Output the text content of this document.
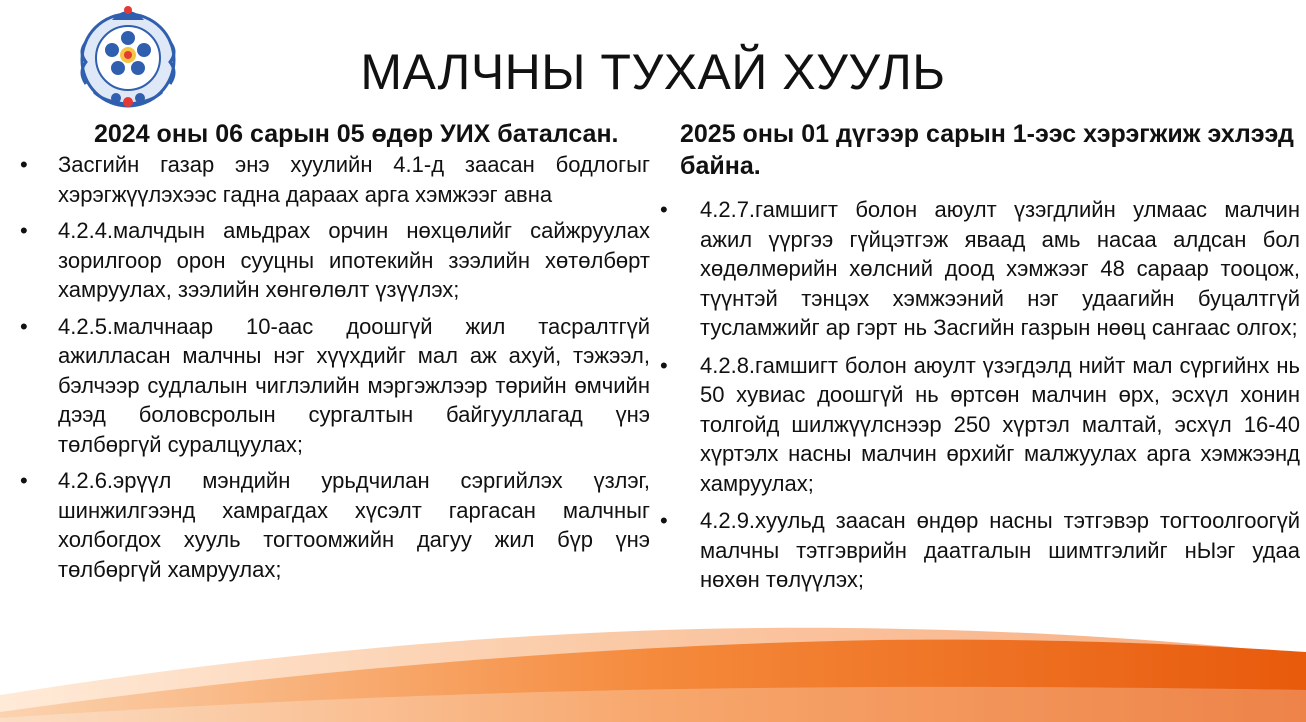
МАЛЧНЫ ТУХАЙ ХУУЛЬ

2024 оны 06 сарын 05 өдөр УИХ баталсан.

•	Засгийн газар энэ хуулийн 4.1-д заасан бодлогыг хэрэгжүүлэхээс гадна дараах арга хэмжээг авна
•	4.2.4.малчдын амьдрах орчин нөхцөлийг сайжруулах зорилгоор орон сууцны ипотекийн зээлийн хөтөлбөрт хамруулах, зээлийн хөнгөлөлт үзүүлэх;
•	4.2.5.малчнаар 10-аас доошгүй жил тасралтгүй ажилласан малчны нэг хүүхдийг мал аж ахуй, тэжээл, бэлчээр судлалын чиглэлийн мэргэжлээр төрийн өмчийн дээд боловсролын сургалтын байгууллагад үнэ төлбөргүй суралцуулах;
•	4.2.6.эрүүл мэндийн урьдчилан сэргийлэх үзлэг, шинжилгээнд хамрагдах хүсэлт гаргасан малчныг холбогдох хууль тогтоомжийн дагуу жил бүр үнэ төлбөргүй хамруулах;

2025 оны 01 дүгээр сарын 1-ээс хэрэгжиж эхлээд байна.

•	4.2.7.гамшигт болон аюулт үзэгдлийн улмаас малчин ажил үүргээ гүйцэтгэж яваад амь насаа алдсан бол хөдөлмөрийн хөлсний доод хэмжээг 48 сараар тооцож, түүнтэй тэнцэх хэмжээний нэг удаагийн буцалтгүй тусламжийг ар гэрт нь Засгийн газрын нөөц сангаас олгох;
•	4.2.8.гамшигт болон аюулт үзэгдэлд нийт мал сүргийнх нь 50 хувиас доошгүй нь өртсөн малчин өрх, эсхүл хонин толгойд шилжүүлснээр 250 хүртэл малтай, эсхүл 16-40 хүртэлх насны малчин өрхийг малжуулах арга хэмжээнд хамруулах;
•	4.2.9.хуульд заасан өндөр насны тэтгэвэр тогтоолгоогүй малчны тэтгэврийн даатгалын шимтгэлийг нЫэг удаа нөхөн төлүүлэх;
